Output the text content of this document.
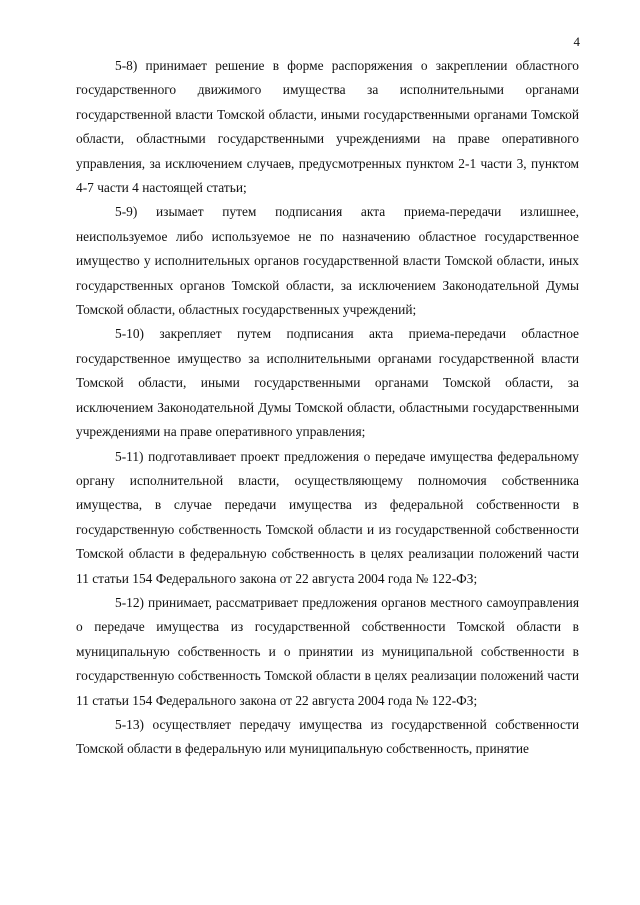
4

5-8) принимает решение в форме распоряжения о закреплении областного государственного движимого имущества за исполнительными органами государственной власти Томской области, иными государственными органами Томской области, областными государственными учреждениями на праве оперативного управления, за исключением случаев, предусмотренных пунктом 2-1 части 3, пунктом 4-7 части 4 настоящей статьи;

5-9) изымает путем подписания акта приема-передачи излишнее, неиспользуемое либо используемое не по назначению областное государственное имущество у исполнительных органов государственной власти Томской области, иных государственных органов Томской области, за исключением Законодательной Думы Томской области, областных государственных учреждений;

5-10) закрепляет путем подписания акта приема-передачи областное государственное имущество за исполнительными органами государственной власти Томской области, иными государственными органами Томской области, за исключением Законодательной Думы Томской области, областными государственными учреждениями на праве оперативного управления;

5-11) подготавливает проект предложения о передаче имущества федеральному органу исполнительной власти, осуществляющему полномочия собственника имущества, в случае передачи имущества из федеральной собственности в государственную собственность Томской области и из государственной собственности Томской области в федеральную собственность в целях реализации положений части 11 статьи 154 Федерального закона от 22 августа 2004 года № 122-ФЗ;

5-12) принимает, рассматривает предложения органов местного самоуправления о передаче имущества из государственной собственности Томской области в муниципальную собственность и о принятии из муниципальной собственности в государственную собственность Томской области в целях реализации положений части 11 статьи 154 Федерального закона от 22 августа 2004 года № 122-ФЗ;

5-13) осуществляет передачу имущества из государственной собственности Томской области в федеральную или муниципальную собственность, принятие
